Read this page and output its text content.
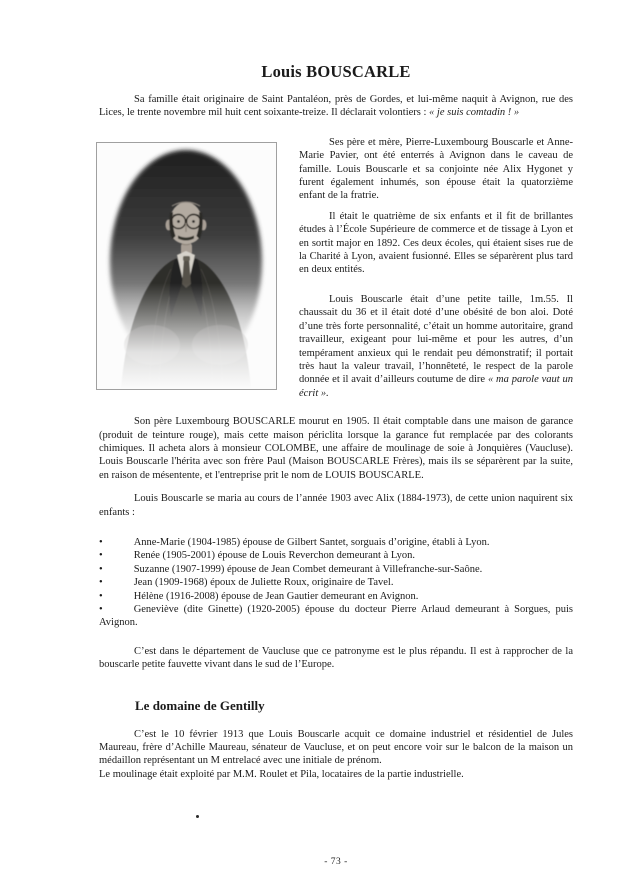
Louis BOUSCARLE

Sa famille était originaire de Saint Pantaléon, près de Gordes, et lui-même naquit à Avignon, rue des Lices, le trente novembre mil huit cent soixante-treize. Il déclarait volontiers : « je suis comtadin ! »

Ses père et mère, Pierre-Luxembourg Bouscarle et Anne-Marie Pavier, ont été enterrés à Avignon dans le caveau de famille. Louis Bouscarle et sa conjointe née Alix Hygonet y furent également inhumés, son épouse était la quatorzième enfant de la fratrie.

Il était le quatrième de six enfants et il fit de brillantes études à l’École Supérieure de commerce et de tissage à Lyon et en sortit major en 1892. Ces deux écoles, qui étaient sises rue de la Charité à Lyon, avaient fusionné. Elles se séparèrent plus tard en deux entités.

Louis Bouscarle était d’une petite taille, 1m.55. Il chaussait du 36 et il était doté d’une obésité de bon aloi. Doté d’une très forte personnalité, c’était un homme autoritaire, grand travailleur, exigeant pour lui-même et pour les autres, d’un tempérament anxieux qui le rendait peu démonstratif; il portait très haut la valeur travail, l’honnêteté, le respect de la parole donnée et il avait d’ailleurs coutume de dire « ma parole vaut un écrit ».

Son père Luxembourg BOUSCARLE mourut en 1905. Il était comptable dans une maison de garance (produit de teinture rouge), mais cette maison périclita lorsque la garance fut remplacée par des colorants chimiques. Il acheta alors à monsieur COLOMBE, une affaire de moulinage de soie à Jonquières (Vaucluse). Louis Bouscarle l'hérita avec son frère Paul (Maison BOUSCARLE Frères), mais ils se séparèrent par la suite, en raison de mésentente, et l'entreprise prit le nom de LOUIS BOUSCARLE.

Louis Bouscarle se maria au cours de l’année 1903 avec Alix (1884-1973), de cette union naquirent six enfants :

•	Anne-Marie (1904-1985) épouse de Gilbert Santet, sorguais d’origine, établi à Lyon.
•	Renée (1905-2001) épouse de Louis Reverchon demeurant à Lyon.
•	Suzanne (1907-1999) épouse de Jean Combet demeurant à Villefranche-sur-Saône.
•	Jean (1909-1968) époux de Juliette Roux, originaire de Tavel.
•	Hélène (1916-2008) épouse de Jean Gautier demeurant en Avignon.
•	Geneviève (dite Ginette) (1920-2005) épouse du docteur Pierre Arlaud demeurant à Sorgues, puis Avignon.

C’est dans le département de Vaucluse que ce patronyme est le plus répandu. Il est à rapprocher de la bouscarle petite fauvette vivant dans le sud de l’Europe.

Le domaine de Gentilly

C’est le 10 février 1913 que Louis Bouscarle acquit ce domaine industriel et résidentiel de Jules Maureau, frère d’Achille Maureau, sénateur de Vaucluse, et on peut encore voir sur le balcon de la maison un médaillon représentant un M entrelacé avec une initiale de prénom.

Le moulinage était exploité par M.M. Roulet et Pila, locataires de la partie industrielle.

- 73 -
